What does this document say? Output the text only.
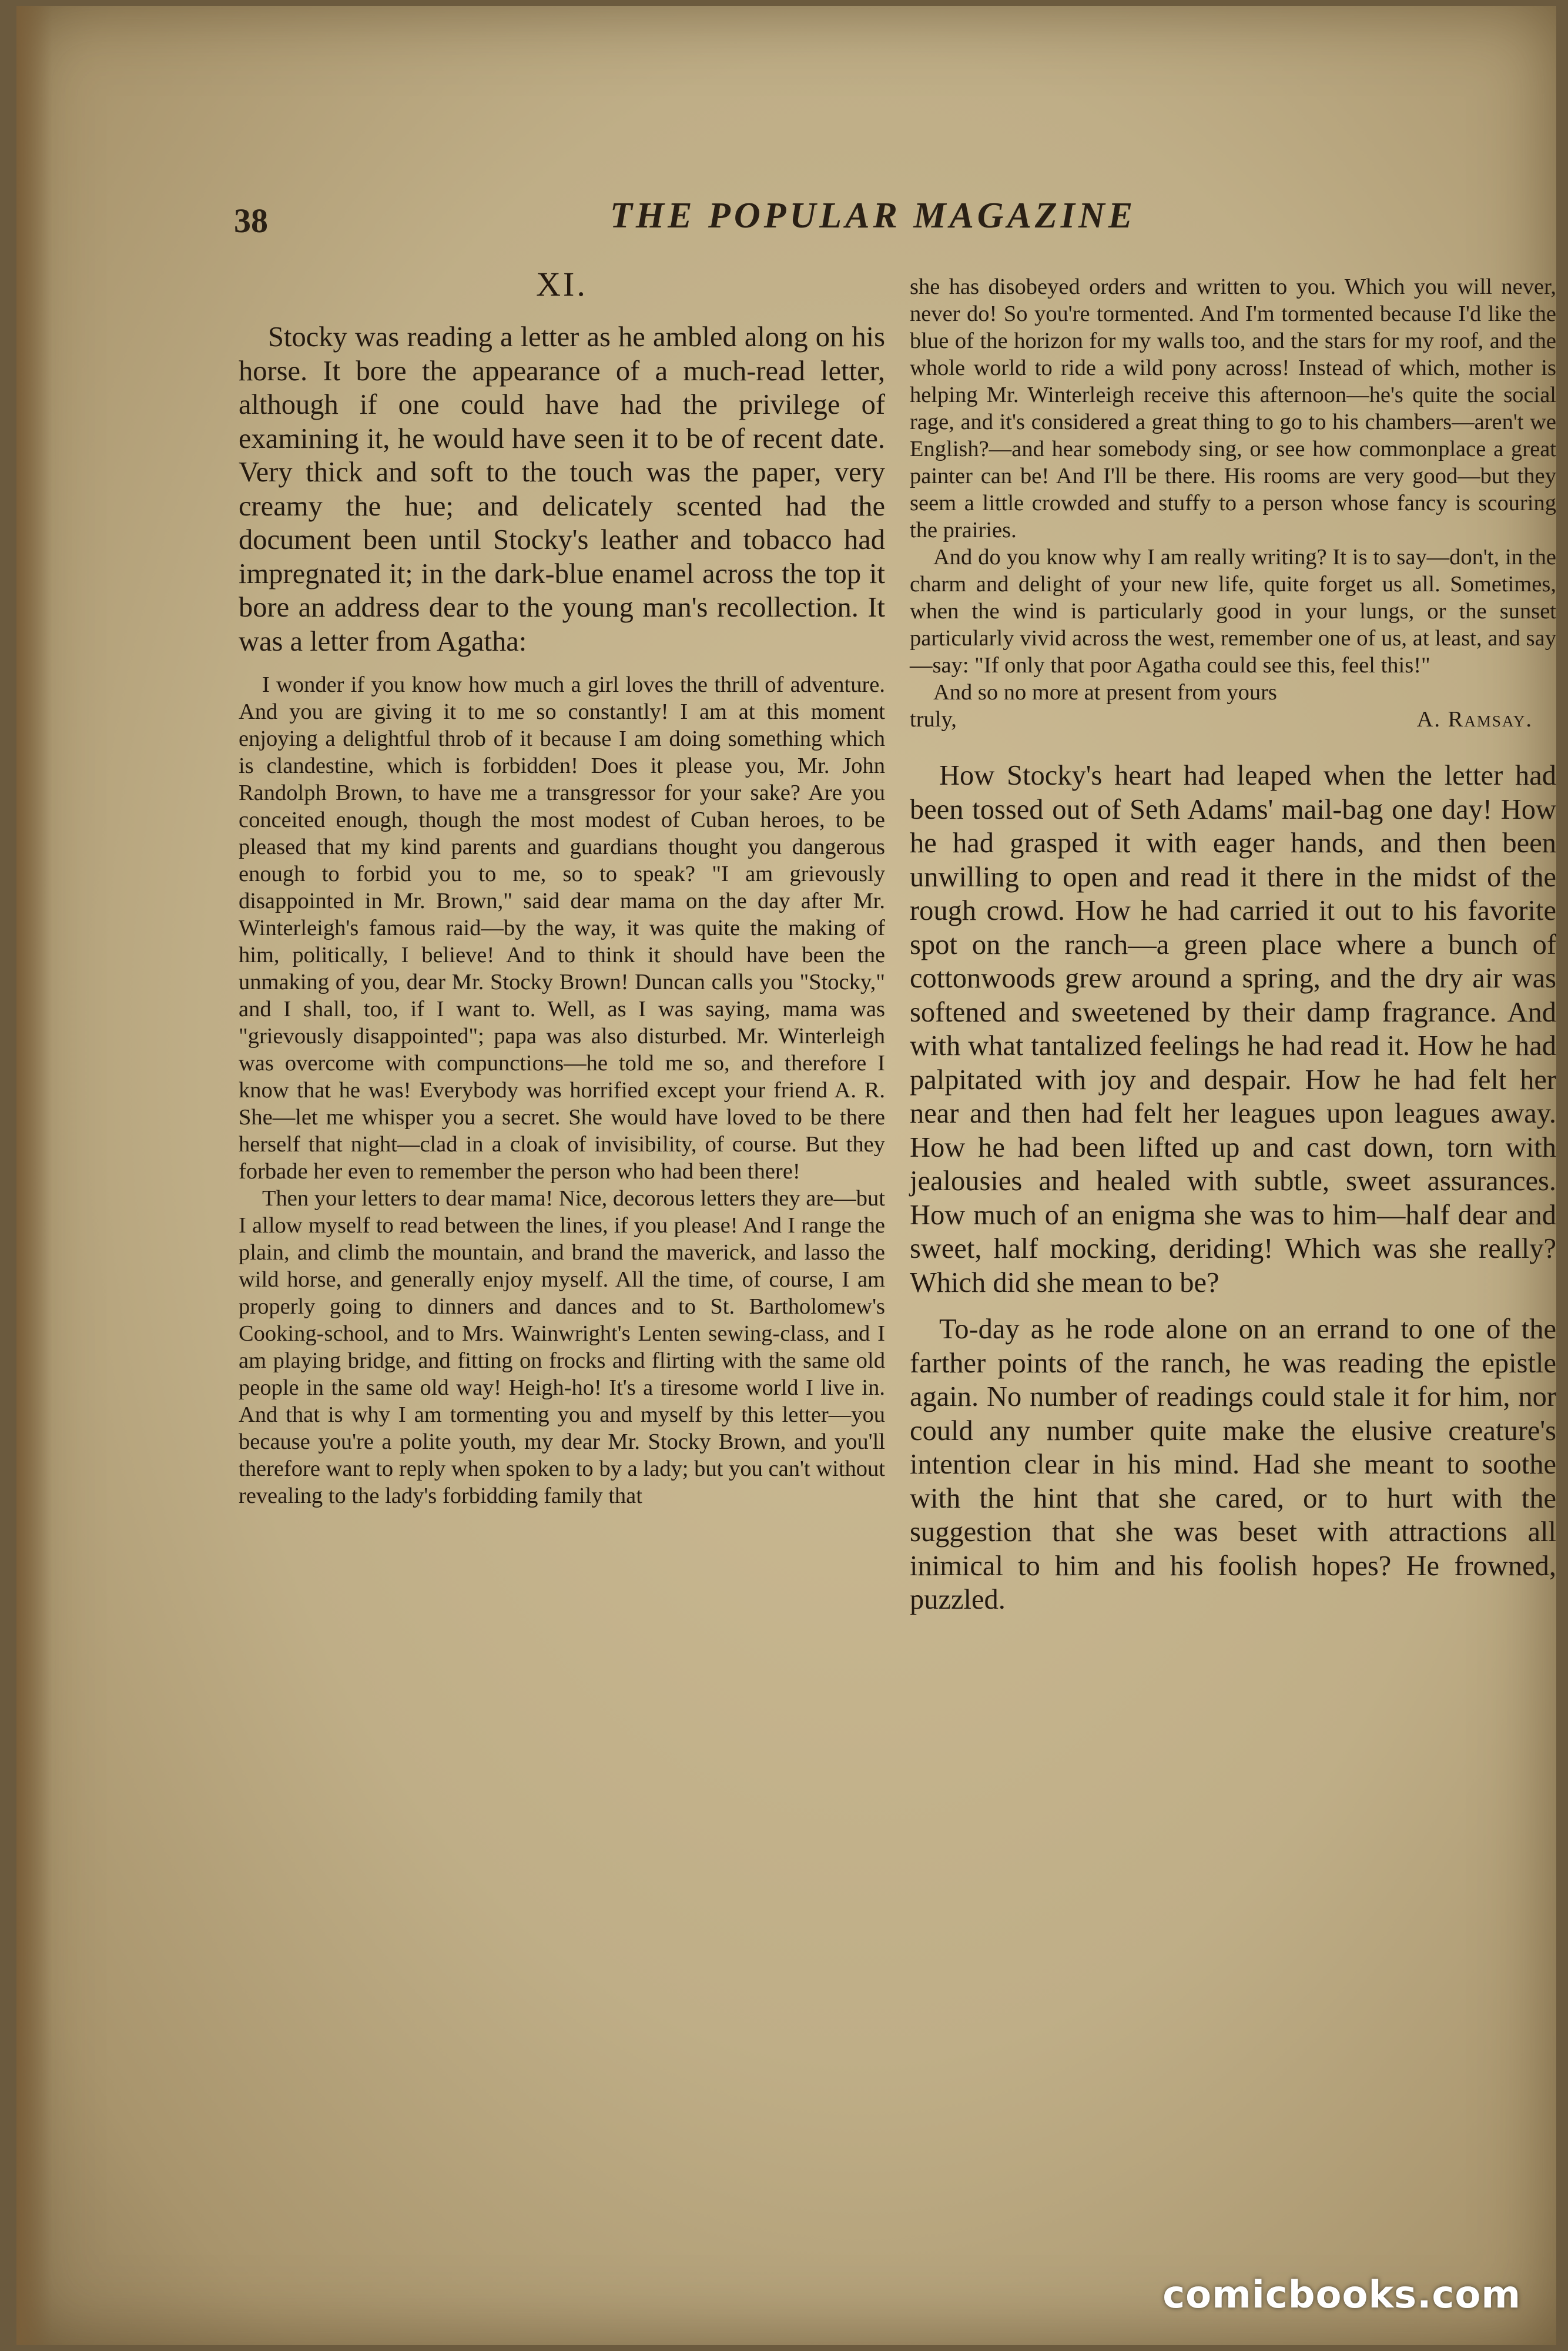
38	THE POPULAR MAGAZINE

XI.

Stocky was reading a letter as he ambled along on his horse. It bore the appearance of a much-read letter, although if one could have had the privilege of examining it, he would have seen it to be of recent date. Very thick and soft to the touch was the paper, very creamy the hue; and delicately scented had the document been until Stocky's leather and tobacco had impregnated it; in the dark-blue enamel across the top it bore an address dear to the young man's recollection. It was a letter from Agatha:

I wonder if you know how much a girl loves the thrill of adventure. And you are giving it to me so constantly! I am at this moment enjoying a delightful throb of it because I am doing something which is clandestine, which is forbidden! Does it please you, Mr. John Randolph Brown, to have me a transgressor for your sake? Are you conceited enough, though the most modest of Cuban heroes, to be pleased that my kind parents and guardians thought you dangerous enough to forbid you to me, so to speak? "I am grievously disappointed in Mr. Brown," said dear mama on the day after Mr. Winterleigh's famous raid—by the way, it was quite the making of him, politically, I believe! And to think it should have been the unmaking of you, dear Mr. Stocky Brown! Duncan calls you "Stocky," and I shall, too, if I want to. Well, as I was saying, mama was "grievously disappointed"; papa was also disturbed. Mr. Winterleigh was overcome with compunctions—he told me so, and therefore I know that he was! Everybody was horrified except your friend A. R. She—let me whisper you a secret. She would have loved to be there herself that night—clad in a cloak of invisibility, of course. But they forbade her even to remember the person who had been there!

Then your letters to dear mama! Nice, decorous letters they are—but I allow myself to read between the lines, if you please! And I range the plain, and climb the mountain, and brand the maverick, and lasso the wild horse, and generally enjoy myself. All the time, of course, I am properly going to dinners and dances and to St. Bartholomew's Cooking-school, and to Mrs. Wainwright's Lenten sewing-class, and I am playing bridge, and fitting on frocks and flirting with the same old people in the same old way! Heigh-ho! It's a tiresome world I live in. And that is why I am tormenting you and myself by this letter—you because you're a polite youth, my dear Mr. Stocky Brown, and you'll therefore want to reply when spoken to by a lady; but you can't without revealing to the lady's forbidding family that

she has disobeyed orders and written to you. Which you will never, never do! So you're tormented. And I'm tormented because I'd like the blue of the horizon for my walls too, and the stars for my roof, and the whole world to ride a wild pony across! Instead of which, mother is helping Mr. Winterleigh receive this afternoon—he's quite the social rage, and it's considered a great thing to go to his chambers—aren't we English?—and hear somebody sing, or see how commonplace a great painter can be! And I'll be there. His rooms are very good—but they seem a little crowded and stuffy to a person whose fancy is scouring the prairies.

And do you know why I am really writing? It is to say—don't, in the charm and delight of your new life, quite forget us all. Sometimes, when the wind is particularly good in your lungs, or the sunset particularly vivid across the west, remember one of us, at least, and say—say: "If only that poor Agatha could see this, feel this!"

And so no more at present from yours

truly,	A. Ramsay.

How Stocky's heart had leaped when the letter had been tossed out of Seth Adams' mail-bag one day! How he had grasped it with eager hands, and then been unwilling to open and read it there in the midst of the rough crowd. How he had carried it out to his favorite spot on the ranch—a green place where a bunch of cottonwoods grew around a spring, and the dry air was softened and sweetened by their damp fragrance. And with what tantalized feelings he had read it. How he had palpitated with joy and despair. How he had felt her near and then had felt her leagues upon leagues away. How he had been lifted up and cast down, torn with jealousies and healed with subtle, sweet assurances. How much of an enigma she was to him—half dear and sweet, half mocking, deriding! Which was she really? Which did she mean to be?

To-day as he rode alone on an errand to one of the farther points of the ranch, he was reading the epistle again. No number of readings could stale it for him, nor could any number quite make the elusive creature's intention clear in his mind. Had she meant to soothe with the hint that she cared, or to hurt with the suggestion that she was beset with attractions all inimical to him and his foolish hopes? He frowned, puzzled.

comicbooks.com
